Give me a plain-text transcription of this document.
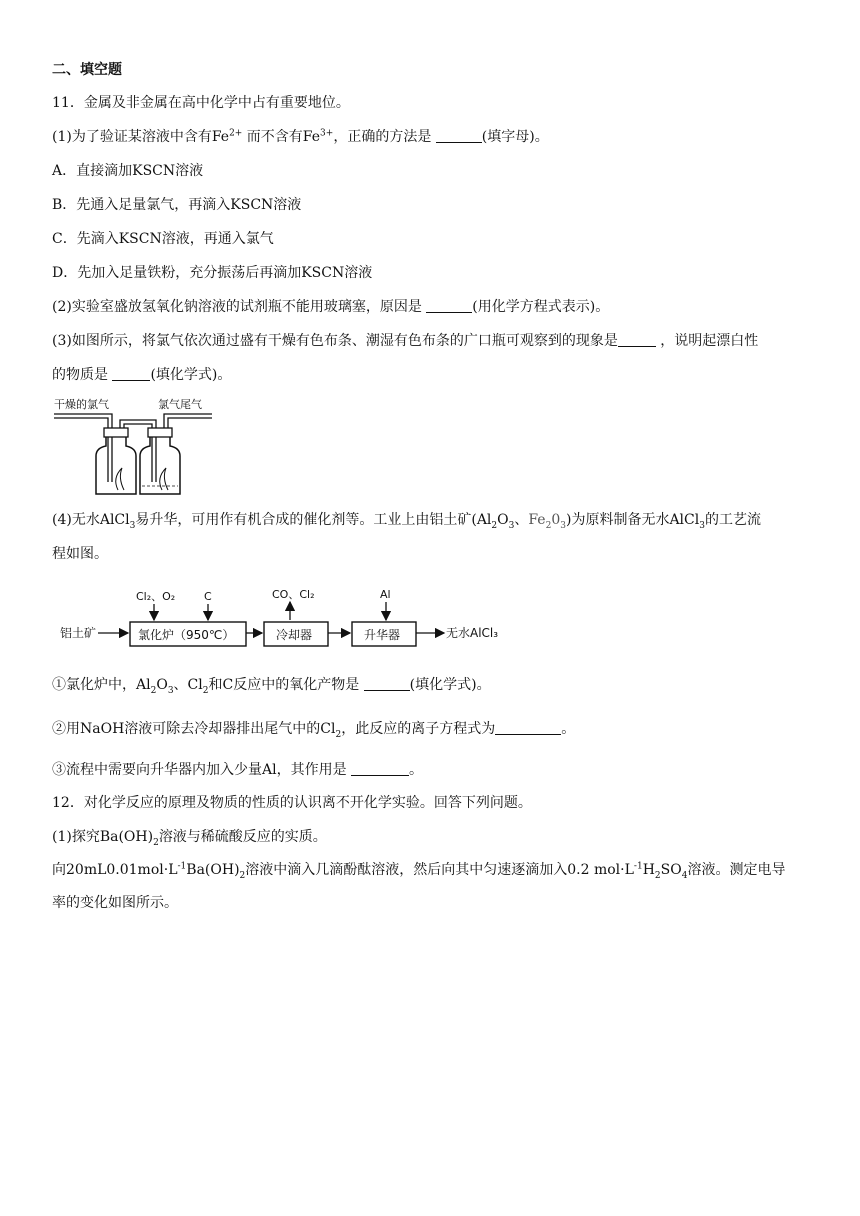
二、填空题
11．金属及非金属在高中化学中占有重要地位。
(1)为了验证某溶液中含有$Fe^{2+}$ 而不含有$Fe^{3+}$，正确的方法是	(填字母)。
A．直接滴加KSCN溶液
B．先通入足量氯气，再滴入KSCN溶液
C．先滴入KSCN溶液，再通入氯气
D．先加入足量铁粉，充分振荡后再滴加KSCN溶液
(2)实验室盛放氢氧化钠溶液的试剂瓶不能用玻璃塞，原因是	(用化学方程式表示)。
(3)如图所示，将氯气依次通过盛有干燥有色布条、潮湿有色布条的广口瓶可观察到的现象是	，说明起漂白性
的物质是	(填化学式)。
干燥的氯气	氯气尾气
(4)无水AlCl$_3$易升华，可用作有机合成的催化剂等。工业上由铝土矿($Al_2O_3$、$Fe_20_3$)为原料制备无水AlCl$_3$的工艺流
程如图。
铝土矿
Cl₂、O₂	C
氯化炉（950℃）	冷却器
CO、Cl₂	Al
升华器	无水AlCl₃
①氯化炉中，$Al_2O_3$、$Cl_2$和C反应中的氧化产物是	(填化学式)。
②用NaOH溶液可除去冷却器排出尾气中的$Cl_2$，此反应的离子方程式为	。
③流程中需要向升华器内加入少量Al，其作用是	。
12．对化学反应的原理及物质的性质的认识离不开化学实验。回答下列问题。
(1)探究$Ba(OH)_2$溶液与稀硫酸反应的实质。
向$20mL0.01mol\cdot L^{-1}Ba(OH)_2$溶液中滴入几滴酚酞溶液，然后向其中匀速逐滴加入0.2 $mol\cdot L^{-1}H_2SO_4$溶液。测定电导
率的变化如图所示。
